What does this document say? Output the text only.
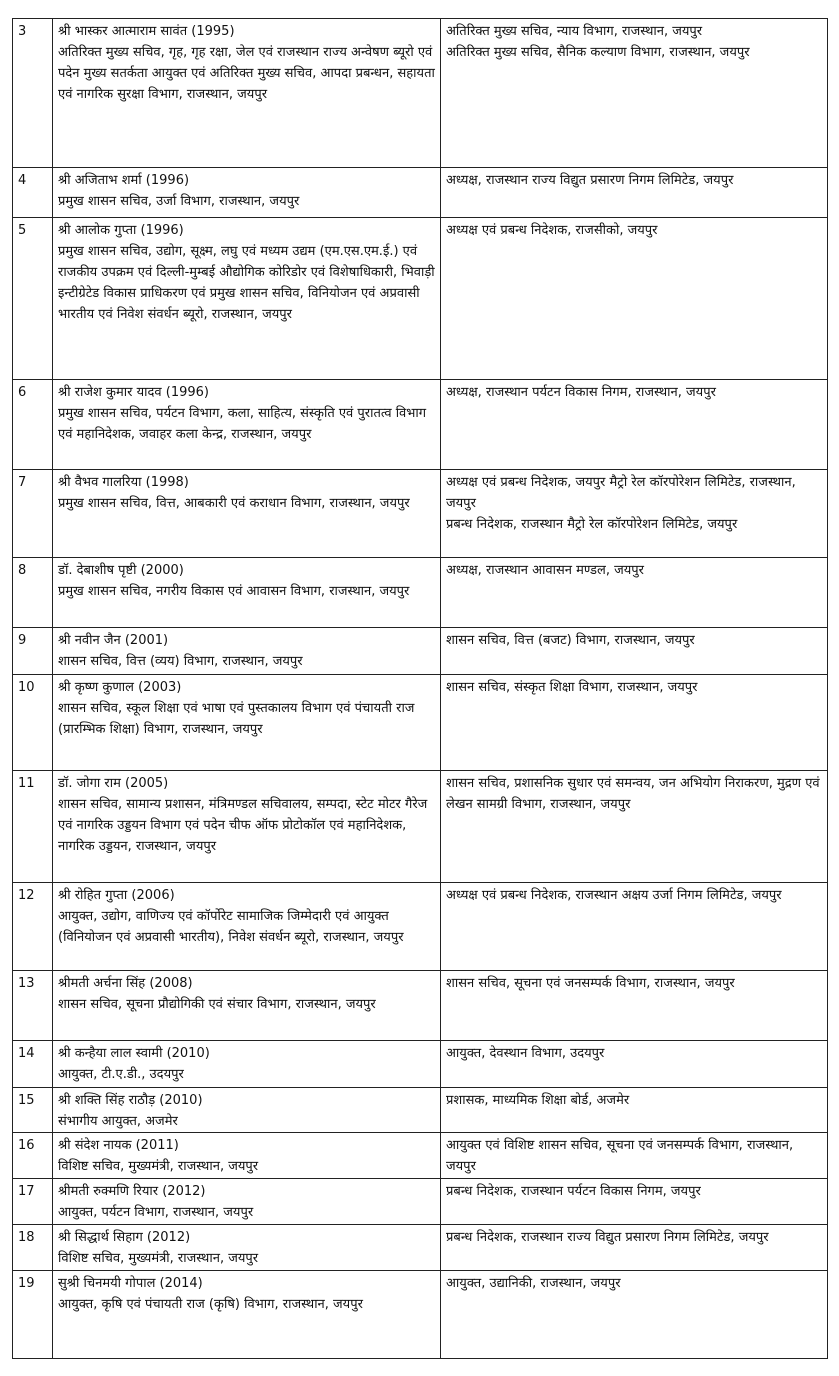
3	श्री भास्कर आत्माराम सावंत (1995)
अतिरिक्त मुख्य सचिव, गृह, गृह रक्षा, जेल एवं राजस्थान राज्य अन्वेषण ब्यूरो एवं पदेन मुख्य सतर्कता आयुक्त एवं अतिरिक्त मुख्य सचिव, आपदा प्रबन्धन, सहायता एवं नागरिक सुरक्षा विभाग, राजस्थान, जयपुर	अतिरिक्त मुख्य सचिव, न्याय विभाग, राजस्थान, जयपुर
अतिरिक्त मुख्य सचिव, सैनिक कल्याण विभाग, राजस्थान, जयपुर

4	श्री अजिताभ शर्मा (1996)
प्रमुख शासन सचिव, उर्जा विभाग, राजस्थान, जयपुर	अध्यक्ष, राजस्थान राज्य विद्युत प्रसारण निगम लिमिटेड, जयपुर

5	श्री आलोक गुप्ता (1996)
प्रमुख शासन सचिव, उद्योग, सूक्ष्म, लघु एवं मध्यम उद्यम (एम.एस.एम.ई.) एवं राजकीय उपक्रम एवं दिल्ली-मुम्बई औद्योगिक कोरिडोर एवं विशेषाधिकारी, भिवाड़ी इन्टीग्रेटेड विकास प्राधिकरण एवं प्रमुख शासन सचिव, विनियोजन एवं अप्रवासी भारतीय एवं निवेश संवर्धन ब्यूरो, राजस्थान, जयपुर	अध्यक्ष एवं प्रबन्ध निदेशक, राजसीको, जयपुर

6	श्री राजेश कुमार यादव (1996)
प्रमुख शासन सचिव, पर्यटन विभाग, कला, साहित्य, संस्कृति एवं पुरातत्व विभाग एवं महानिदेशक, जवाहर कला केन्द्र, राजस्थान, जयपुर	अध्यक्ष, राजस्थान पर्यटन विकास निगम, राजस्थान, जयपुर

7	श्री वैभव गालरिया (1998)
प्रमुख शासन सचिव, वित्त, आबकारी एवं कराधान विभाग, राजस्थान, जयपुर	अध्यक्ष एवं प्रबन्ध निदेशक, जयपुर मैट्रो रेल कॉरपोरेशन लिमिटेड, राजस्थान, जयपुर
प्रबन्ध निदेशक, राजस्थान मैट्रो रेल कॉरपोरेशन लिमिटेड, जयपुर

8	डॉ. देबाशीष पृष्टी (2000)
प्रमुख शासन सचिव, नगरीय विकास एवं आवासन विभाग, राजस्थान, जयपुर	अध्यक्ष, राजस्थान आवासन मण्डल, जयपुर

9	श्री नवीन जैन (2001)
शासन सचिव, वित्त (व्यय) विभाग, राजस्थान, जयपुर	शासन सचिव, वित्त (बजट) विभाग, राजस्थान, जयपुर

10	श्री कृष्ण कुणाल (2003)
शासन सचिव, स्कूल शिक्षा एवं भाषा एवं पुस्तकालय विभाग एवं पंचायती राज (प्रारम्भिक शिक्षा) विभाग, राजस्थान, जयपुर	शासन सचिव, संस्कृत शिक्षा विभाग, राजस्थान, जयपुर

11	डॉ. जोगा राम (2005)
शासन सचिव, सामान्य प्रशासन, मंत्रिमण्डल सचिवालय, सम्पदा, स्टेट मोटर गैरेज एवं नागरिक उड्डयन विभाग एवं पदेन चीफ ऑफ प्रोटोकॉल एवं महानिदेशक, नागरिक उड्डयन, राजस्थान, जयपुर	शासन सचिव, प्रशासनिक सुधार एवं समन्वय, जन अभियोग निराकरण, मुद्रण एवं लेखन सामग्री विभाग, राजस्थान, जयपुर

12	श्री रोहित गुप्ता (2006)
आयुक्त, उद्योग, वाणिज्य एवं कॉर्पोरेट सामाजिक जिम्मेदारी एवं आयुक्त (विनियोजन एवं अप्रवासी भारतीय), निवेश संवर्धन ब्यूरो, राजस्थान, जयपुर	अध्यक्ष एवं प्रबन्ध निदेशक, राजस्थान अक्षय उर्जा निगम लिमिटेड, जयपुर

13	श्रीमती अर्चना सिंह (2008)
शासन सचिव, सूचना प्रौद्योगिकी एवं संचार विभाग, राजस्थान, जयपुर	शासन सचिव, सूचना एवं जनसम्पर्क विभाग, राजस्थान, जयपुर

14	श्री कन्हैया लाल स्वामी (2010)
आयुक्त, टी.ए.डी., उदयपुर	आयुक्त, देवस्थान विभाग, उदयपुर

15	श्री शक्ति सिंह राठौड़ (2010)
संभागीय आयुक्त, अजमेर	प्रशासक, माध्यमिक शिक्षा बोर्ड, अजमेर

16	श्री संदेश नायक (2011)
विशिष्ट सचिव, मुख्यमंत्री, राजस्थान, जयपुर	आयुक्त एवं विशिष्ट शासन सचिव, सूचना एवं जनसम्पर्क विभाग, राजस्थान, जयपुर

17	श्रीमती रुक्मणि रियार (2012)
आयुक्त, पर्यटन विभाग, राजस्थान, जयपुर	प्रबन्ध निदेशक, राजस्थान पर्यटन विकास निगम, जयपुर

18	श्री सिद्धार्थ सिहाग (2012)
विशिष्ट सचिव, मुख्यमंत्री, राजस्थान, जयपुर	प्रबन्ध निदेशक, राजस्थान राज्य विद्युत प्रसारण निगम लिमिटेड, जयपुर

19	सुश्री चिनमयी गोपाल (2014)
आयुक्त, कृषि एवं पंचायती राज (कृषि) विभाग, राजस्थान, जयपुर	आयुक्त, उद्यानिकी, राजस्थान, जयपुर
